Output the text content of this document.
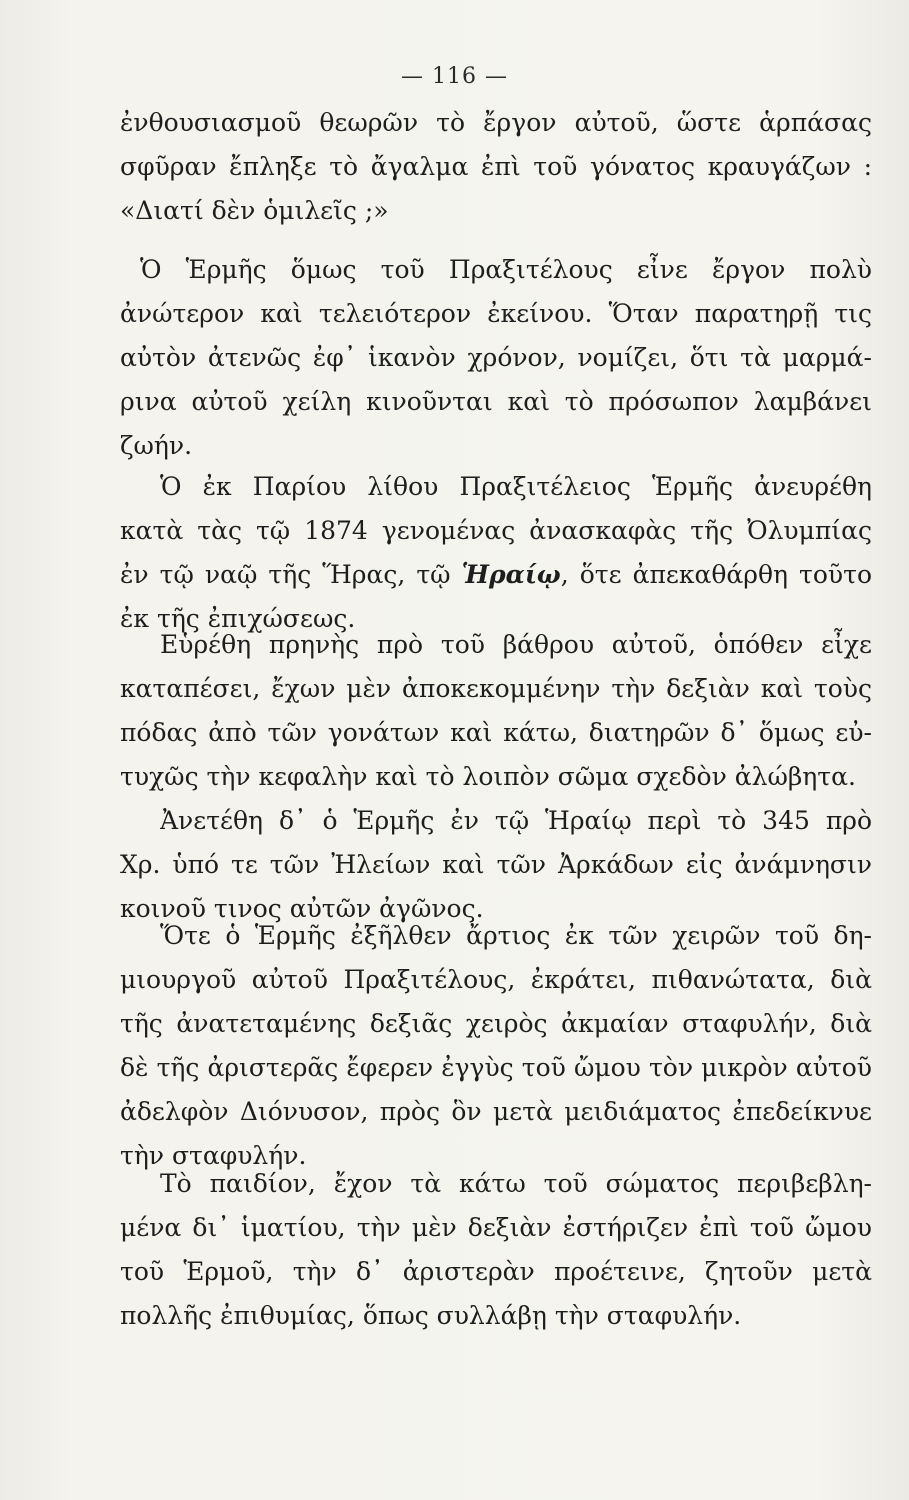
— 116 —
ἐνθουσιασμοῦ θεωρῶν τὸ ἔργον αὐτοῦ, ὥστε ἁρπάσας
σφῦραν ἔπληξε τὸ ἄγαλμα ἐπὶ τοῦ γόνατος κραυγάζων :
«Διατί δὲν ὁμιλεῖς ;»
Ὁ Ἑρμῆς ὅμως τοῦ Πραξιτέλους εἶνε ἔργον πολὺ
ἀνώτερον καὶ τελειότερον ἐκείνου. Ὅταν παρατηρῇ τις
αὐτὸν ἀτενῶς ἐφ᾽ ἱκανὸν χρόνον, νομίζει, ὅτι τὰ μαρμά-
ρινα αὐτοῦ χείλη κινοῦνται καὶ τὸ πρόσωπον λαμβάνει
ζωήν.
Ὁ ἐκ Παρίου λίθου Πραξιτέλειος Ἑρμῆς ἀνευρέθη
κατὰ τὰς τῷ 1874 γενομένας ἀνασκαφὰς τῆς Ὀλυμπίας
ἐν τῷ ναῷ τῆς Ἥρας, τῷ Ἡραίῳ, ὅτε ἀπεκαθάρθη τοῦτο
ἐκ τῆς ἐπιχώσεως.
Εὑρέθη πρηνὴς πρὸ τοῦ βάθρου αὐτοῦ, ὁπόθεν εἶχε
καταπέσει, ἔχων μὲν ἀποκεκομμένην τὴν δεξιὰν καὶ τοὺς
πόδας ἀπὸ τῶν γονάτων καὶ κάτω, διατηρῶν δ᾽ ὅμως εὐ-
τυχῶς τὴν κεφαλὴν καὶ τὸ λοιπὸν σῶμα σχεδὸν ἀλώβητα.
Ἀνετέθη δ᾽ ὁ Ἑρμῆς ἐν τῷ Ἡραίῳ περὶ τὸ 345 πρὸ
Χρ. ὑπό τε τῶν Ἠλείων καὶ τῶν Ἀρκάδων εἰς ἀνάμνησιν
κοινοῦ τινος αὐτῶν ἀγῶνος.
Ὅτε ὁ Ἑρμῆς ἐξῆλθεν ἄρτιος ἐκ τῶν χειρῶν τοῦ δη-
μιουργοῦ αὐτοῦ Πραξιτέλους, ἐκράτει, πιθανώτατα, διὰ
τῆς ἀνατεταμένης δεξιᾶς χειρὸς ἀκμαίαν σταφυλήν, διὰ
δὲ τῆς ἀριστερᾶς ἔφερεν ἐγγὺς τοῦ ὤμου τὸν μικρὸν αὐτοῦ
ἀδελφὸν Διόνυσον, πρὸς ὃν μετὰ μειδιάματος ἐπεδείκνυε
τὴν σταφυλήν.
Τὸ παιδίον, ἔχον τὰ κάτω τοῦ σώματος περιβεβλη-
μένα δι᾽ ἱματίου, τὴν μὲν δεξιὰν ἐστήριζεν ἐπὶ τοῦ ὤμου
τοῦ Ἑρμοῦ, τὴν δ᾽ ἀριστερὰν προέτεινε, ζητοῦν μετὰ
πολλῆς ἐπιθυμίας, ὅπως συλλάβῃ τὴν σταφυλήν.
